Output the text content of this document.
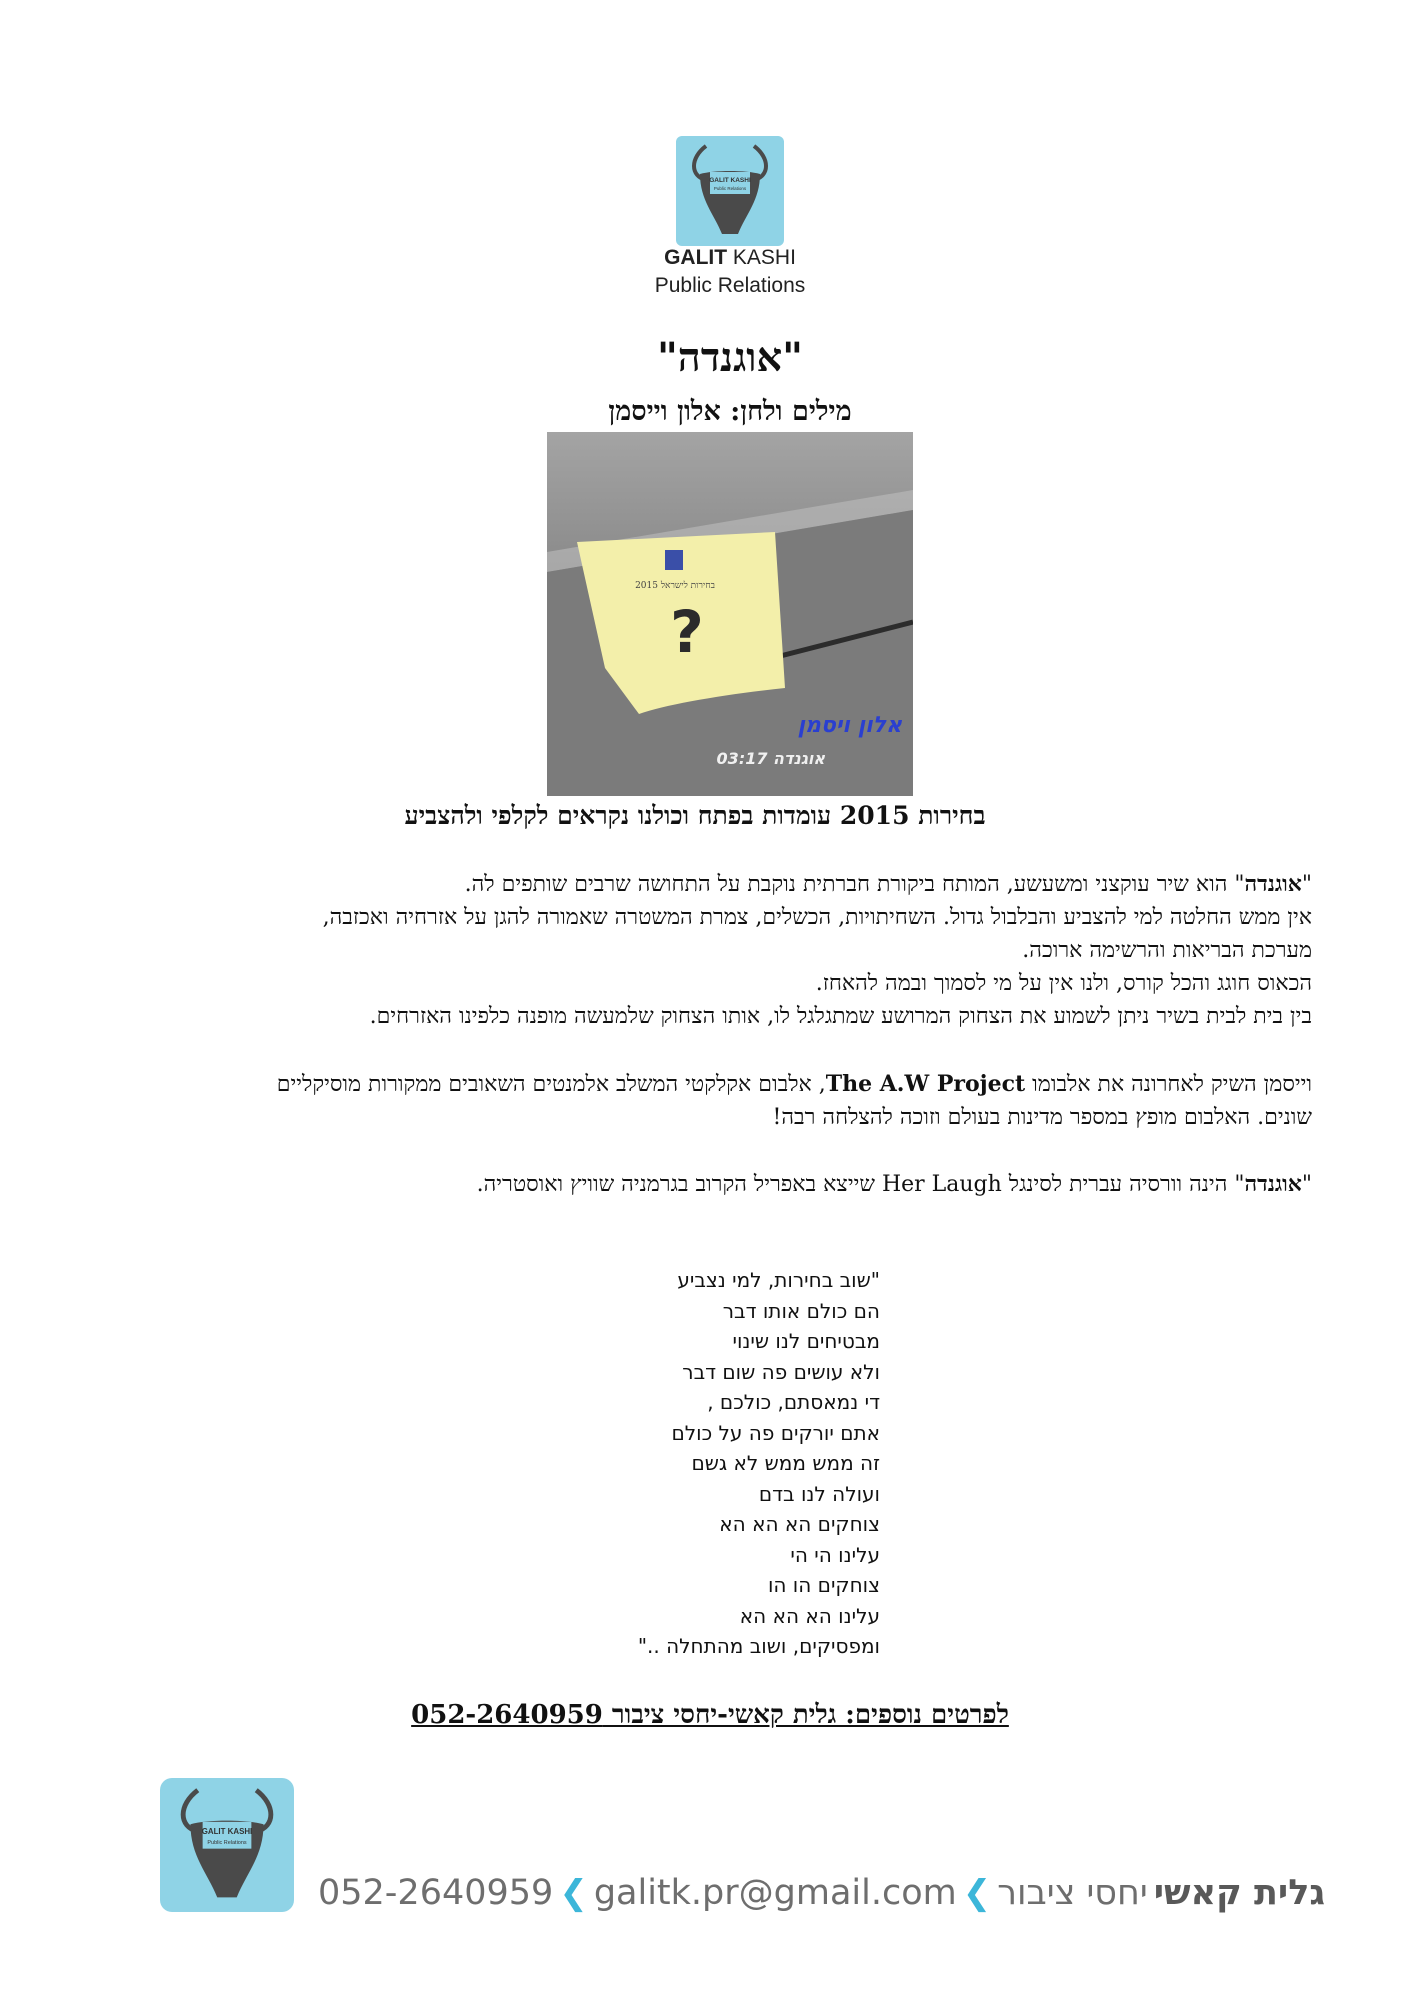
GALIT KASHI
Public Relations
GALIT KASHI
Public Relations
"אוגנדה"
מילים ולחן: אלון וייסמן
בחירות לישראל 2015
?
אלון ויסמן
אוגנדה 03:17
בחירות 2015 עומדות בפתח וכולנו נקראים לקלפי ולהצביע
"אוגנדה" הוא שיר עוקצני ומשעשע, המותח ביקורת חברתית נוקבת על התחושה שרבים שותפים לה.
אין ממש החלטה למי להצביע והבלבול גדול. השחיתויות, הכשלים, צמרת המשטרה שאמורה להגן על אזרחיה ואכזבה,
מערכת הבריאות והרשימה ארוכה.
הכאוס חוגג והכל קורס, ולנו אין על מי לסמוך ובמה להאחז.
בין בית לבית בשיר ניתן לשמוע את הצחוק המרושע שמתגלגל לו, אותו הצחוק שלמעשה מופנה כלפינו האזרחים.
וייסמן השיק לאחרונה את אלבומו The A.W Project, אלבום אקלקטי המשלב אלמנטים השאובים ממקורות מוסיקליים
שונים. האלבום מופץ במספר מדינות בעולם וזוכה להצלחה רבה!
"אוגנדה" הינה וורסיה עברית לסינגל Her Laugh שייצא באפריל הקרוב בגרמניה שוויץ ואוסטריה.
"שוב בחירות, למי נצביע
הם כולם אותו דבר
מבטיחים לנו שינוי
ולא עושים פה שום דבר
די נמאסתם, כולכם ,
אתם יורקים פה על כולם
זה ממש ממש לא גשם
ועולה לנו בדם
צוחקים הא הא הא
עלינו הי הי
צוחקים הו הו
עלינו הא הא הא
ומפסיקים, ושוב מהתחלה .."
לפרטים נוספים: גלית קאשי-יחסי ציבור 052-2640959
GALIT KASHI
Public Relations
052-2640959 ❮ galitk.pr@gmail.com ❮ יחסי ציבור גלית קאשי
